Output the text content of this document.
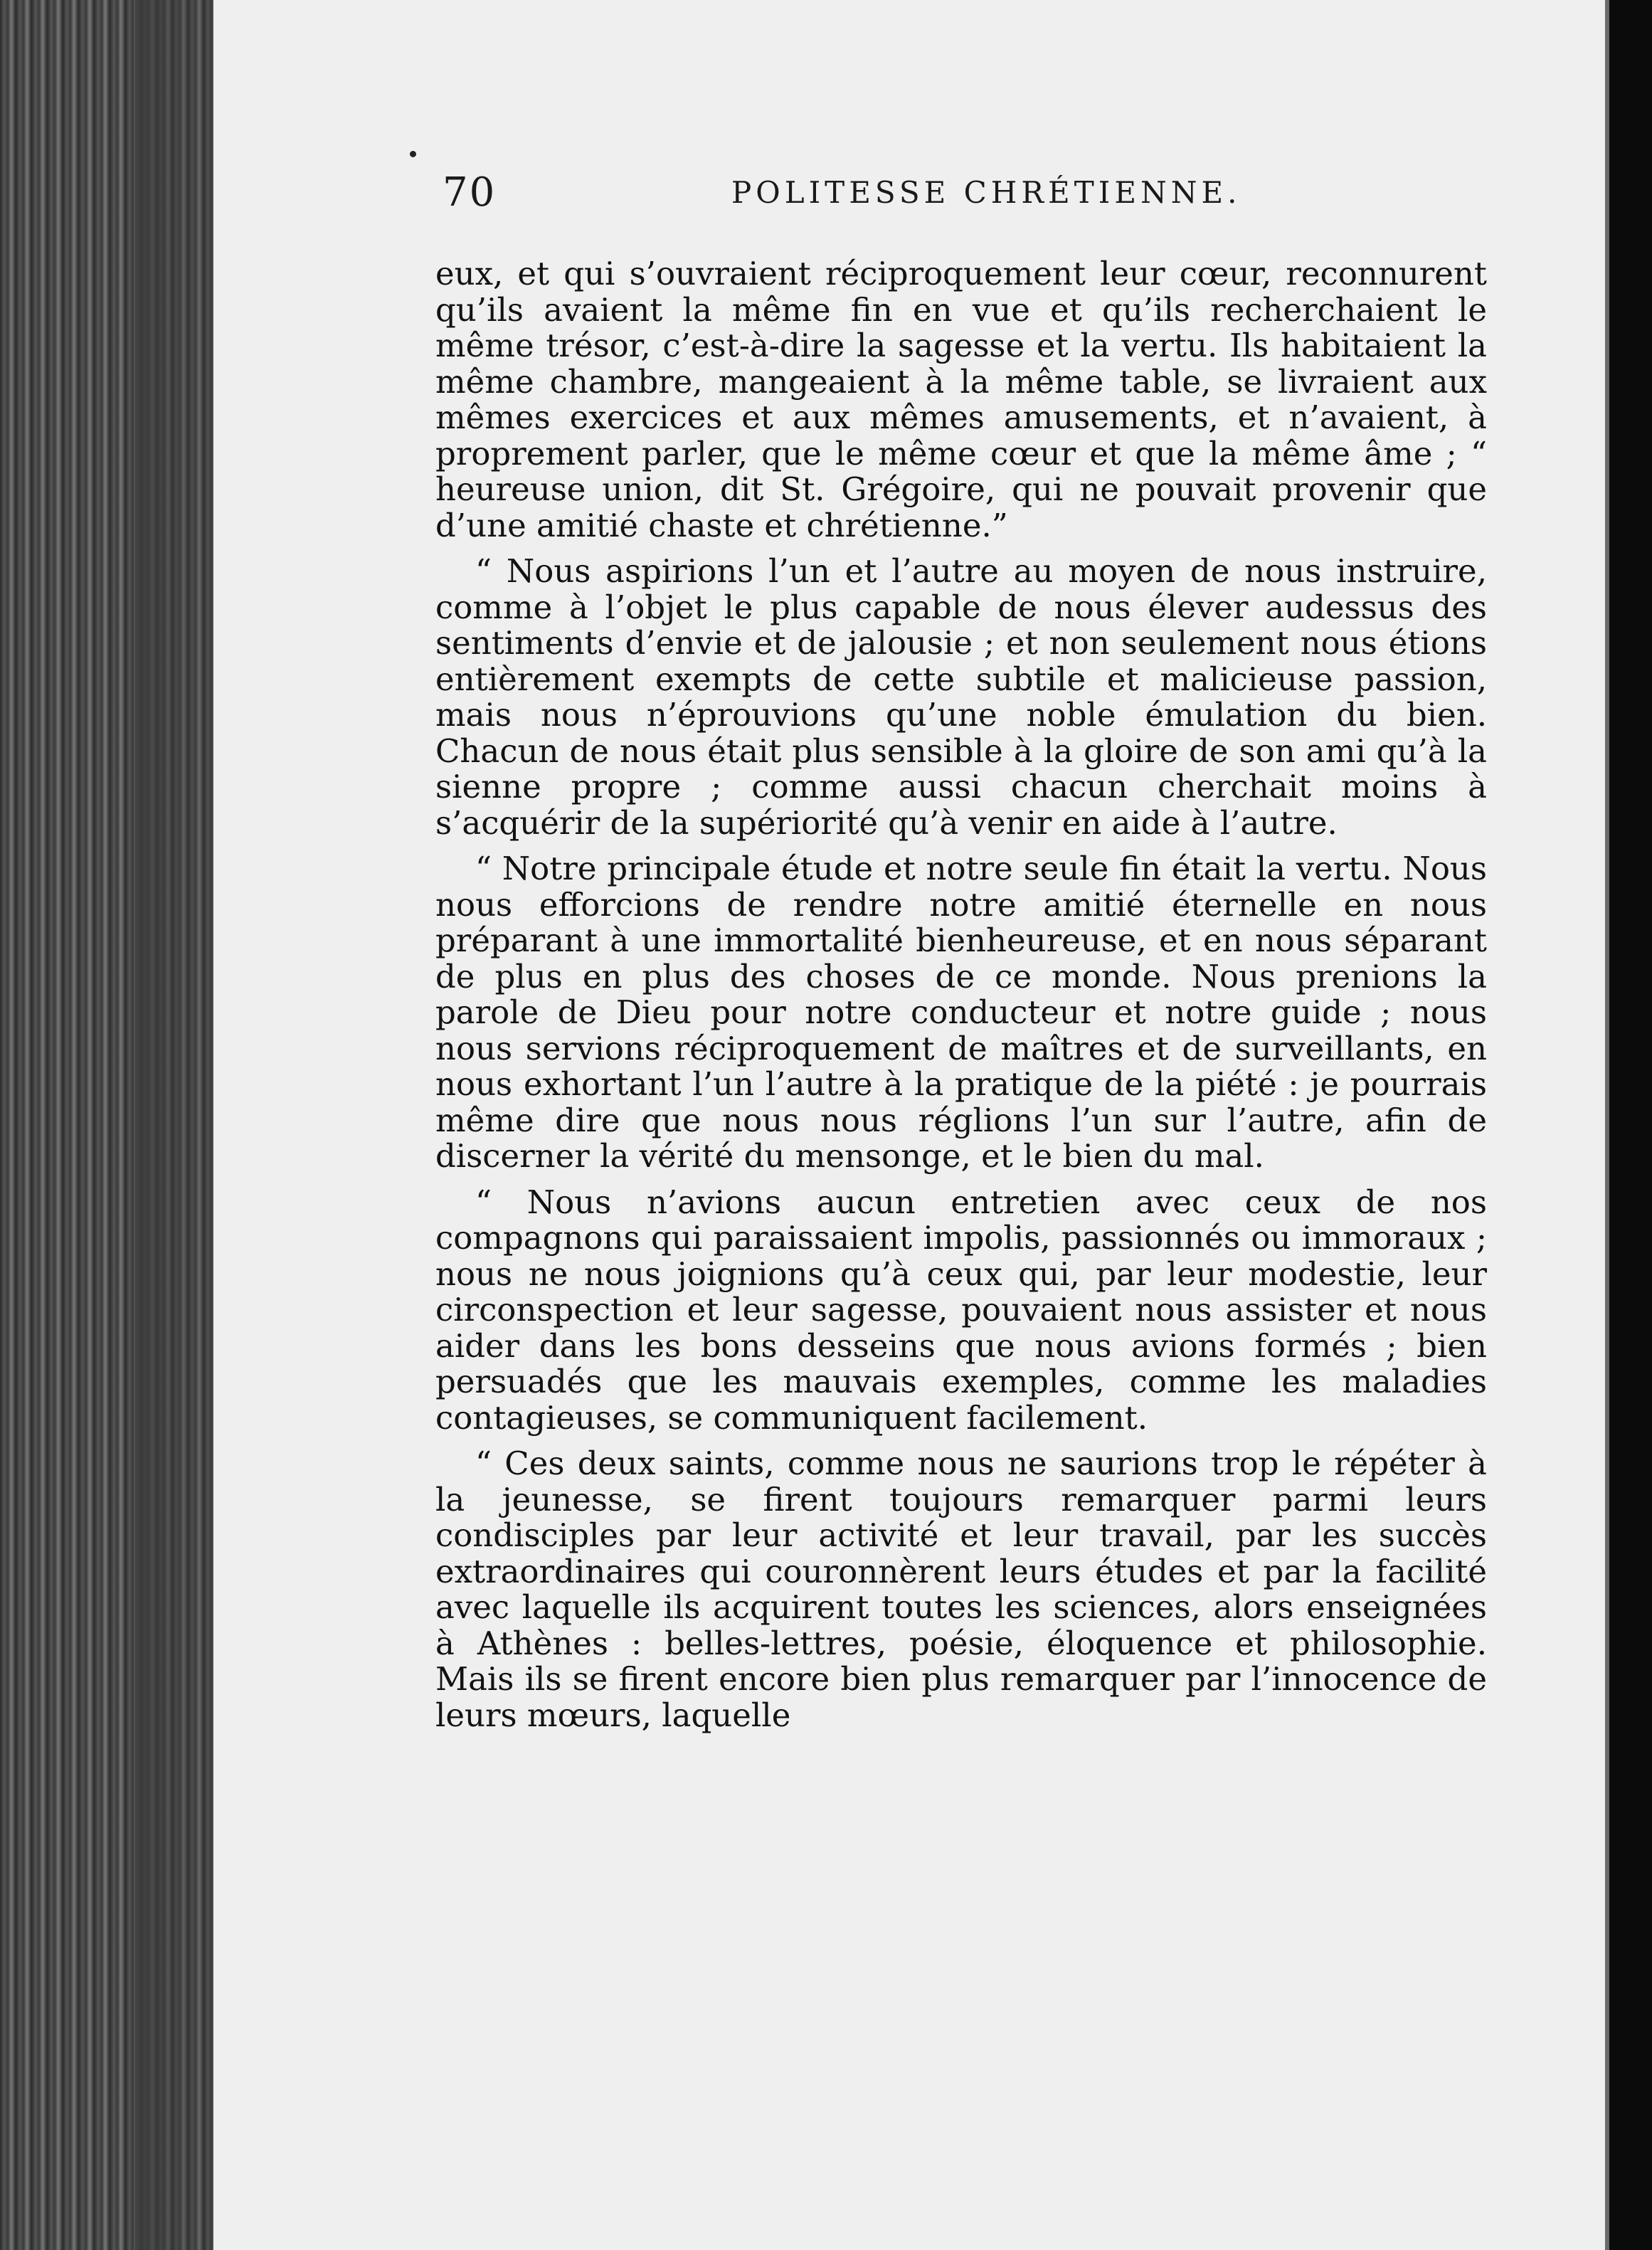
70	POLITESSE CHRÉTIENNE.

eux, et qui s’ouvraient réciproquement leur cœur, reconnurent qu’ils avaient la même fin en vue et qu’ils recherchaient le même trésor, c’est-à-dire la sagesse et la vertu. Ils habitaient la même chambre, mangeaient à la même table, se livraient aux mêmes exercices et aux mêmes amusements, et n’avaient, à proprement parler, que le même cœur et que la même âme ; “ heureuse union, dit St. Grégoire, qui ne pouvait provenir que d’une amitié chaste et chrétienne.”

“ Nous aspirions l’un et l’autre au moyen de nous instruire, comme à l’objet le plus capable de nous élever audessus des sentiments d’envie et de jalousie ; et non seulement nous étions entièrement exempts de cette subtile et malicieuse passion, mais nous n’éprouvions qu’une noble émulation du bien. Chacun de nous était plus sensible à la gloire de son ami qu’à la sienne propre ; comme aussi chacun cherchait moins à s’acquérir de la supériorité qu’à venir en aide à l’autre.

“ Notre principale étude et notre seule fin était la vertu. Nous nous efforcions de rendre notre amitié éternelle en nous préparant à une immortalité bienheureuse, et en nous séparant de plus en plus des choses de ce monde. Nous prenions la parole de Dieu pour notre conducteur et notre guide ; nous nous servions réciproquement de maîtres et de surveillants, en nous exhortant l’un l’autre à la pratique de la piété : je pourrais même dire que nous nous réglions l’un sur l’autre, afin de discerner la vérité du mensonge, et le bien du mal.

“ Nous n’avions aucun entretien avec ceux de nos compagnons qui paraissaient impolis, passionnés ou immoraux ; nous ne nous joignions qu’à ceux qui, par leur modestie, leur circonspection et leur sagesse, pouvaient nous assister et nous aider dans les bons desseins que nous avions formés ; bien persuadés que les mauvais exemples, comme les maladies contagieuses, se communiquent facilement.

“ Ces deux saints, comme nous ne saurions trop le répéter à la jeunesse, se firent toujours remarquer parmi leurs condisciples par leur activité et leur travail, par les succès extraordinaires qui couronnèrent leurs études et par la facilité avec laquelle ils acquirent toutes les sciences, alors enseignées à Athènes : belles-lettres, poésie, éloquence et philosophie. Mais ils se firent encore bien plus remarquer par l’innocence de leurs mœurs, laquelle
